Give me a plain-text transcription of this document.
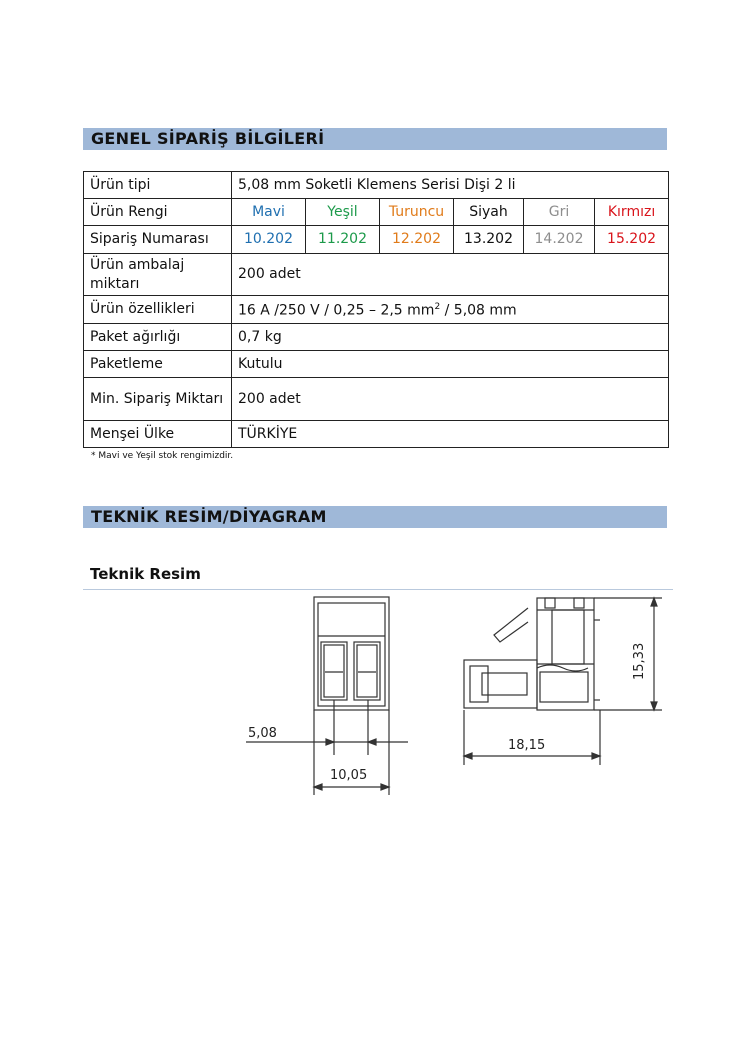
GENEL SİPARİŞ BİLGİLERİ
Ürün tipi	5,08 mm Soketli Klemens Serisi Dişi 2 li					
Ürün Rengi	Mavi	Yeşil	Turuncu	Siyah	Gri	Kırmızı
Sipariş Numarası	10.202	11.202	12.202	13.202	14.202	15.202
Ürün ambalaj miktarı	200 adet					
Ürün özellikleri	16 A /250 V / 0,25 – 2,5 $mm^2 / 5,08$ mm					
Paket ağırlığı	0,7 kg					
Paketleme	Kutulu					
Min. Sipariş Miktarı	200 adet					
Menşei Ülke	TÜRKİYE					
* Mavi ve Yeşil stok rengimizdir.
TEKNİK RESİM/DİYAGRAM
Teknik Resim
5,08
10,05
18,15
15,33
